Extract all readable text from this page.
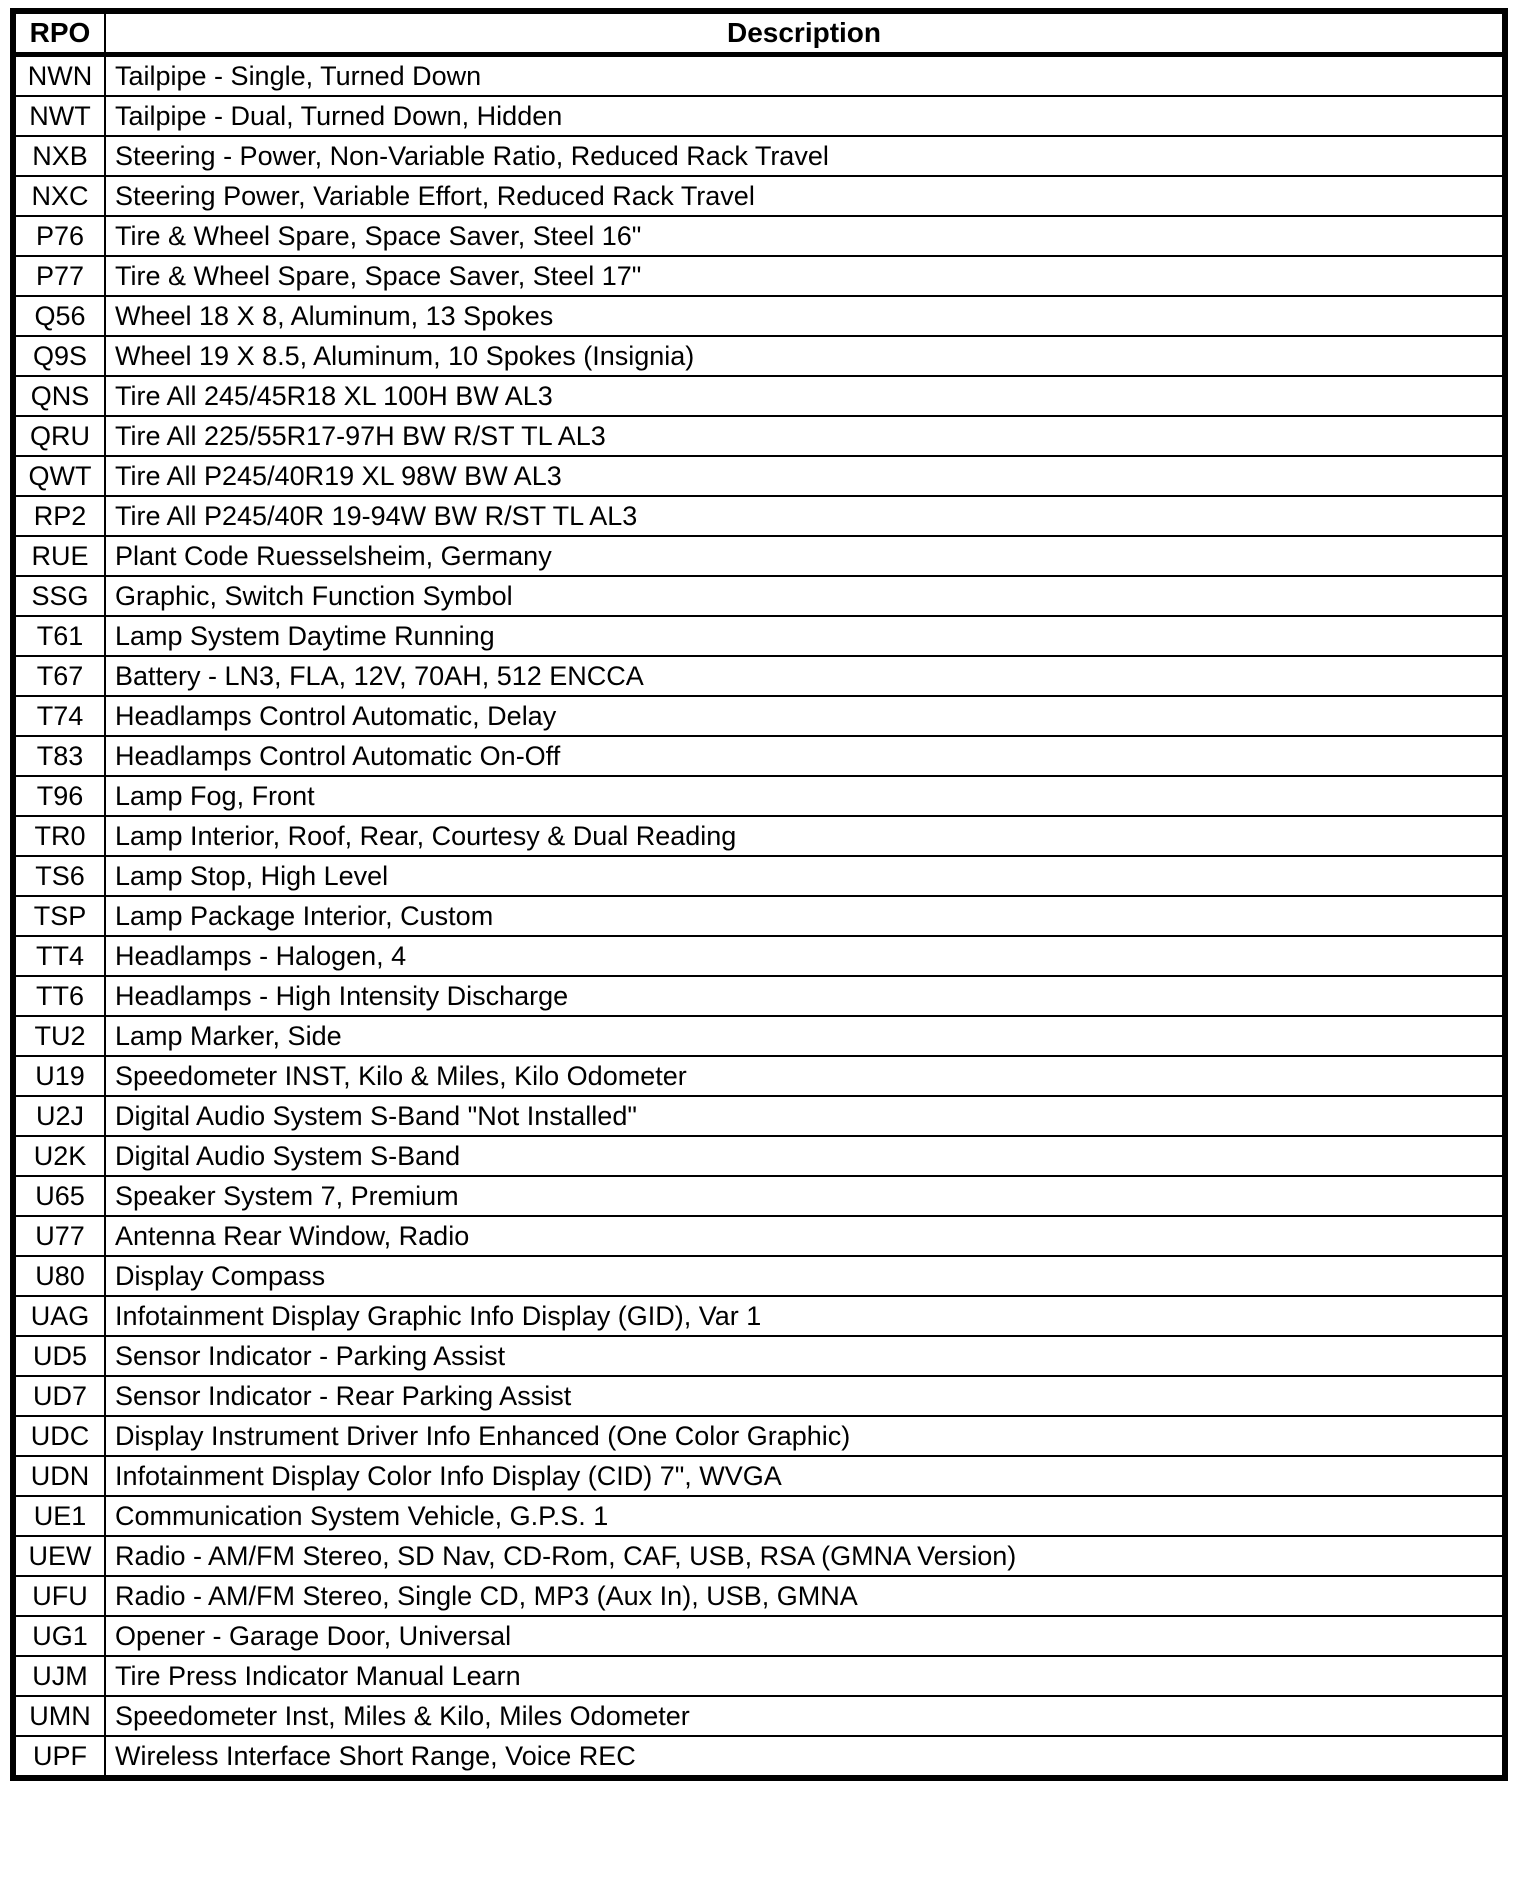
RPO	Description
NWN	Tailpipe - Single, Turned Down
NWT	Tailpipe - Dual, Turned Down, Hidden
NXB	Steering - Power, Non-Variable Ratio, Reduced Rack Travel
NXC	Steering Power, Variable Effort, Reduced Rack Travel
P76	Tire & Wheel Spare, Space Saver, Steel 16"
P77	Tire & Wheel Spare, Space Saver, Steel 17"
Q56	Wheel 18 X 8, Aluminum, 13 Spokes
Q9S	Wheel 19 X 8.5, Aluminum, 10 Spokes (Insignia)
QNS	Tire All 245/45R18 XL 100H BW AL3
QRU	Tire All 225/55R17-97H BW R/ST TL AL3
QWT	Tire All P245/40R19 XL 98W BW AL3
RP2	Tire All P245/40R 19-94W BW R/ST TL AL3
RUE	Plant Code Ruesselsheim, Germany
SSG	Graphic, Switch Function Symbol
T61	Lamp System Daytime Running
T67	Battery - LN3, FLA, 12V, 70AH, 512 ENCCA
T74	Headlamps Control Automatic, Delay
T83	Headlamps Control Automatic On-Off
T96	Lamp Fog, Front
TR0	Lamp Interior, Roof, Rear, Courtesy & Dual Reading
TS6	Lamp Stop, High Level
TSP	Lamp Package Interior, Custom
TT4	Headlamps - Halogen, 4
TT6	Headlamps - High Intensity Discharge
TU2	Lamp Marker, Side
U19	Speedometer INST, Kilo & Miles, Kilo Odometer
U2J	Digital Audio System S-Band "Not Installed"
U2K	Digital Audio System S-Band
U65	Speaker System 7, Premium
U77	Antenna Rear Window, Radio
U80	Display Compass
UAG	Infotainment Display Graphic Info Display (GID), Var 1
UD5	Sensor Indicator - Parking Assist
UD7	Sensor Indicator - Rear Parking Assist
UDC	Display Instrument Driver Info Enhanced (One Color Graphic)
UDN	Infotainment Display Color Info Display (CID) 7", WVGA
UE1	Communication System Vehicle, G.P.S. 1
UEW	Radio - AM/FM Stereo, SD Nav, CD-Rom, CAF, USB, RSA (GMNA Version)
UFU	Radio - AM/FM Stereo, Single CD, MP3 (Aux In), USB, GMNA
UG1	Opener - Garage Door, Universal
UJM	Tire Press Indicator Manual Learn
UMN	Speedometer Inst, Miles & Kilo, Miles Odometer
UPF	Wireless Interface Short Range, Voice REC
